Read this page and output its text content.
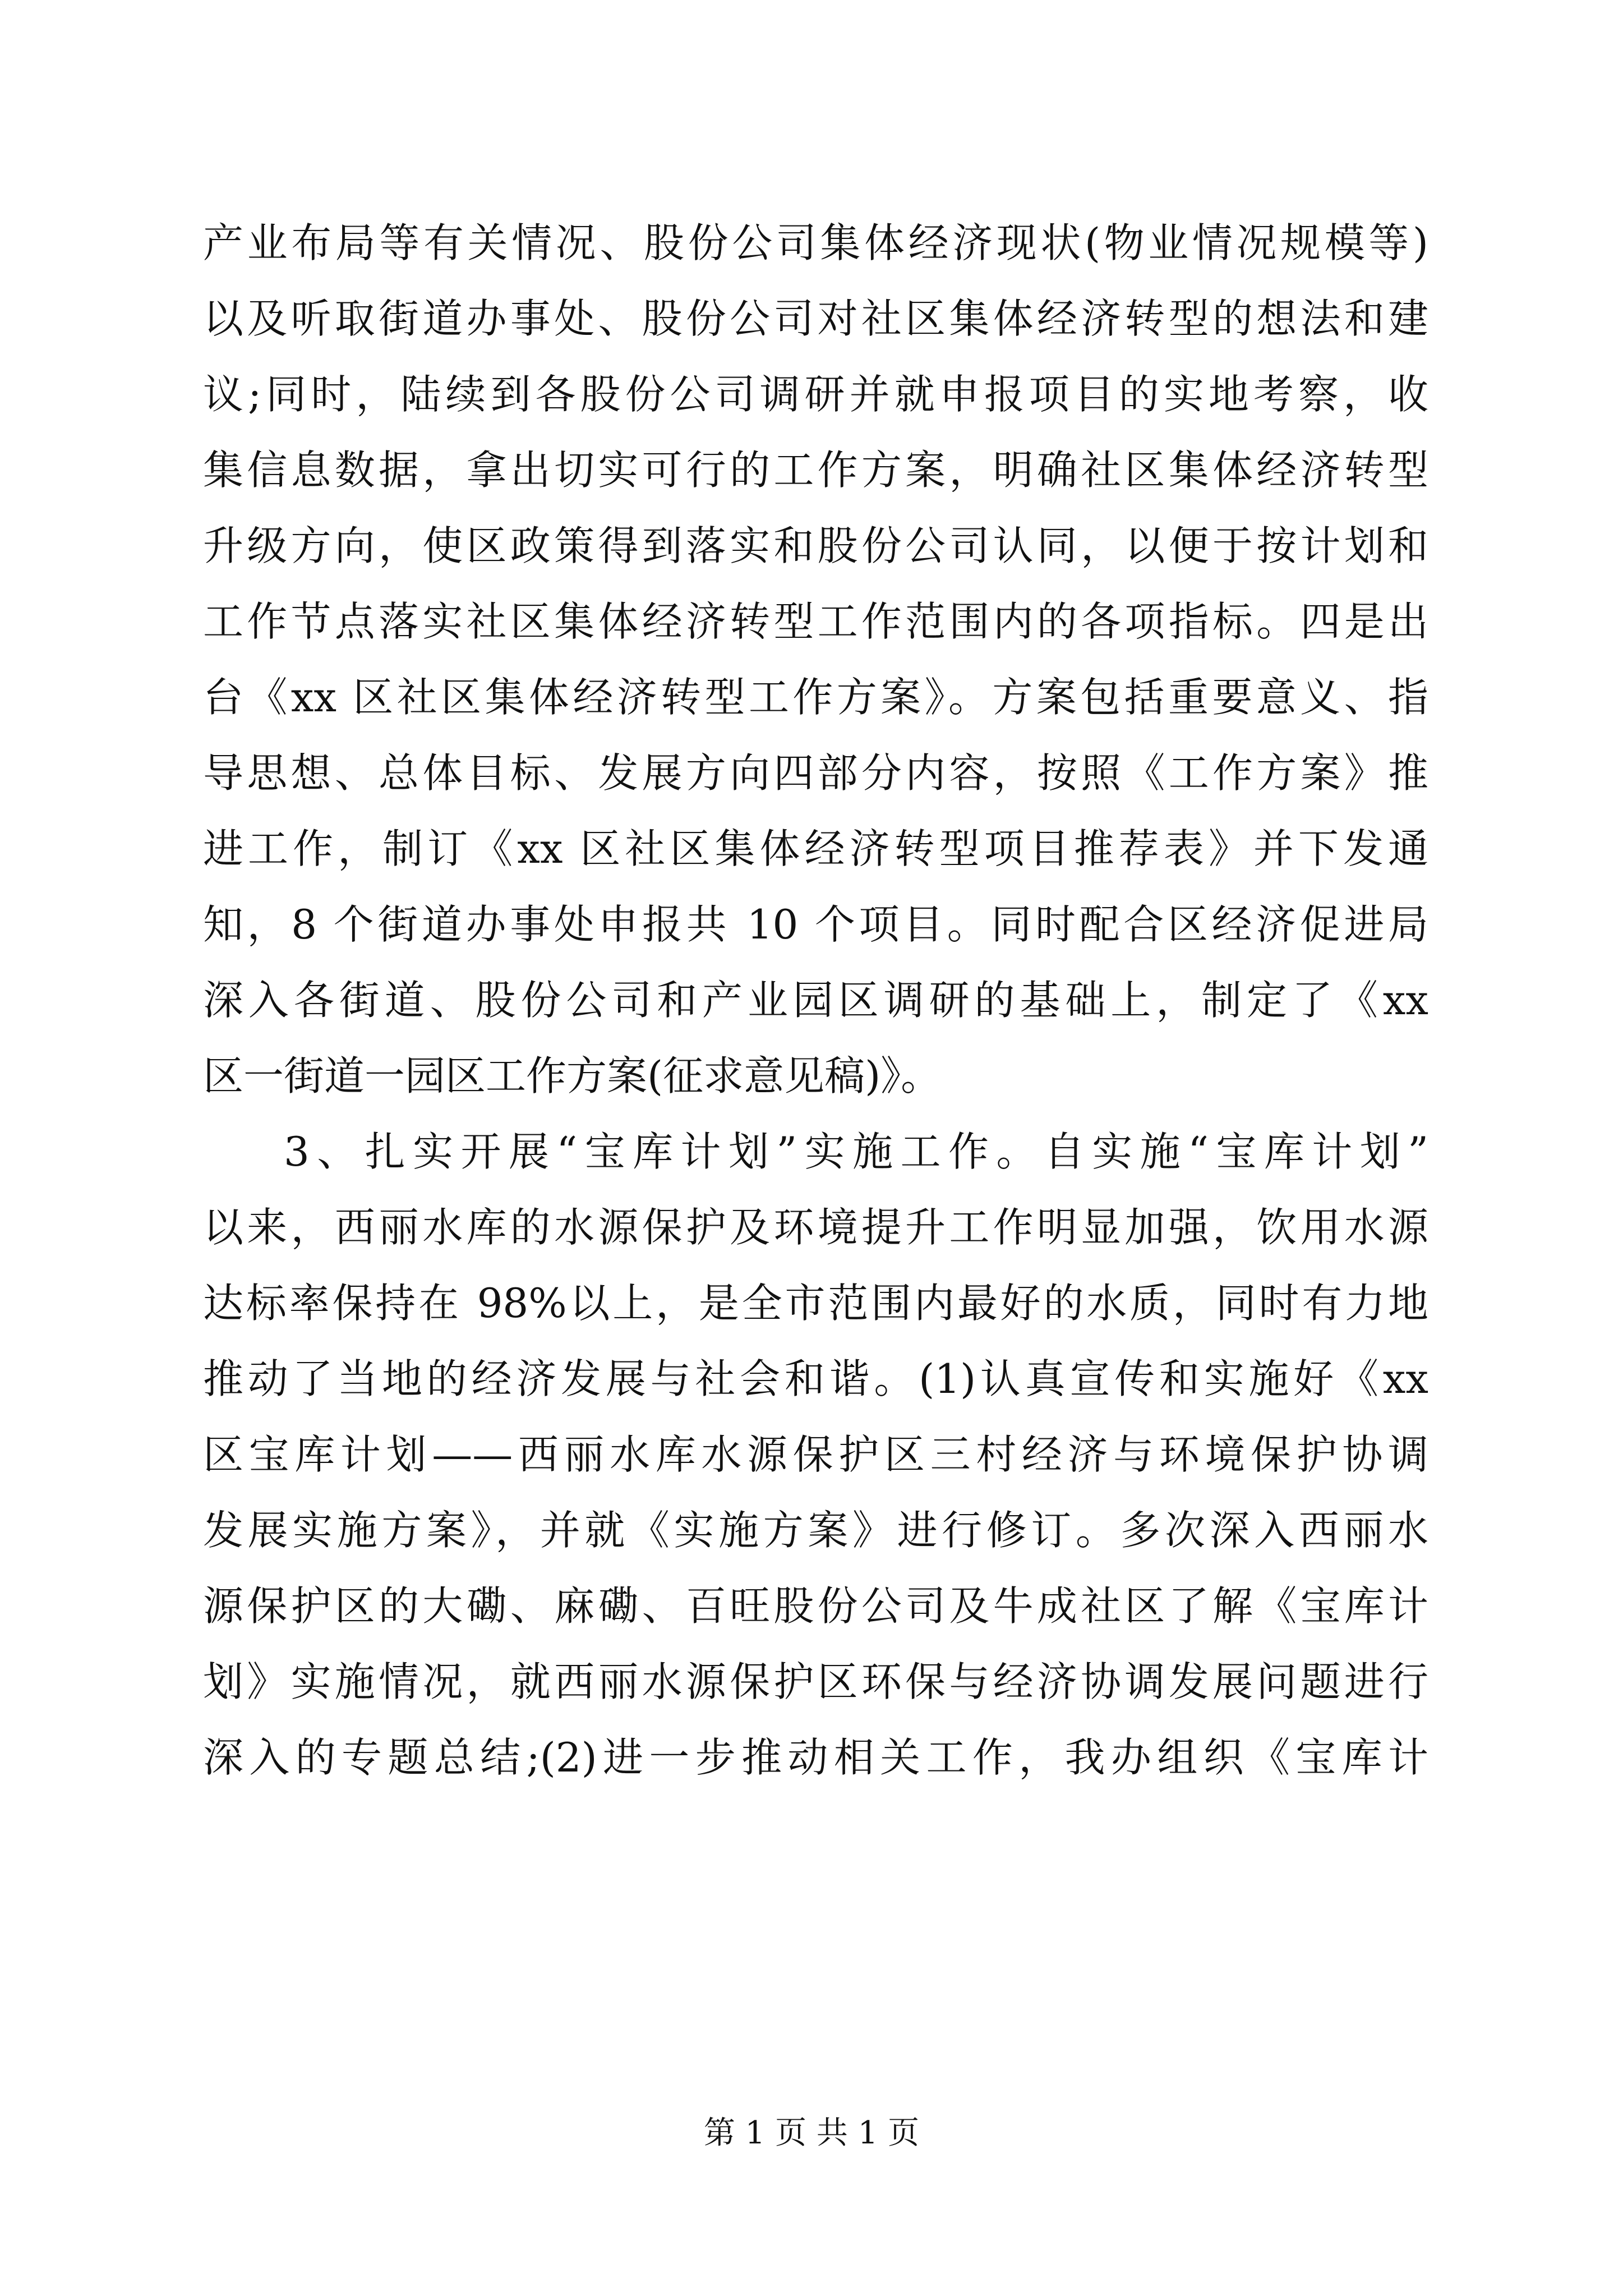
产业布局等有关情况、股份公司集体经济现状(物业情况规模等)
以及听取街道办事处、股份公司对社区集体经济转型的想法和建
议;同时，陆续到各股份公司调研并就申报项目的实地考察，收
集信息数据，拿出切实可行的工作方案，明确社区集体经济转型
升级方向，使区政策得到落实和股份公司认同，以便于按计划和
工作节点落实社区集体经济转型工作范围内的各项指标。四是出
台《xx 区社区集体经济转型工作方案》。方案包括重要意义、指
导思想、总体目标、发展方向四部分内容，按照《工作方案》推
进工作，制订《xx 区社区集体经济转型项目推荐表》并下发通
知，8 个街道办事处申报共 10 个项目。同时配合区经济促进局
深入各街道、股份公司和产业园区调研的基础上，制定了《xx
区一街道一园区工作方案(征求意见稿)》。
3、扎实开展“宝库计划”实施工作。自实施“宝库计划”
以来，西丽水库的水源保护及环境提升工作明显加强，饮用水源
达标率保持在 98%以上，是全市范围内最好的水质，同时有力地
推动了当地的经济发展与社会和谐。(1)认真宣传和实施好《xx
区宝库计划——西丽水库水源保护区三村经济与环境保护协调
发展实施方案》，并就《实施方案》进行修订。多次深入西丽水
源保护区的大磡、麻磡、百旺股份公司及牛成社区了解《宝库计
划》实施情况，就西丽水源保护区环保与经济协调发展问题进行
深入的专题总结;(2)进一步推动相关工作，我办组织《宝库计
第 1 页 共 1 页
